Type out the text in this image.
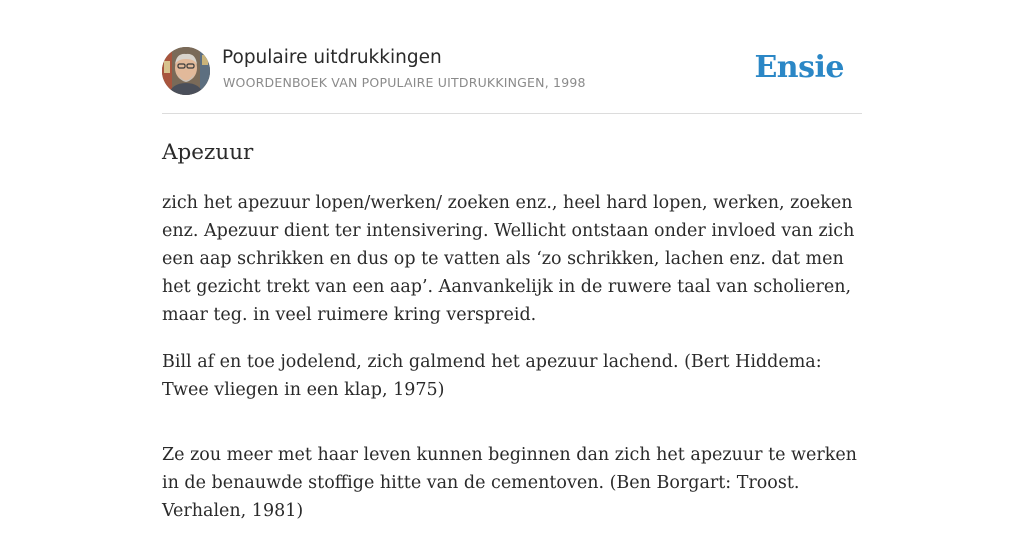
Populaire uitdrukkingen
WOORDENBOEK VAN POPULAIRE UITDRUKKINGEN, 1998	Ensie
Apezuur

zich het apezuur lopen/werken/ zoeken enz., heel hard lopen, werken, zoeken enz. Apezuur dient ter intensivering. Wellicht ontstaan onder invloed van zich een aap schrikken en dus op te vatten als ‘zo schrikken, lachen enz. dat men het gezicht trekt van een aap’. Aanvankelijk in de ruwere taal van scholieren, maar teg. in veel ruimere kring verspreid.

Bill af en toe jodelend, zich galmend het apezuur lachend. (Bert Hiddema: Twee vliegen in een klap, 1975)

Ze zou meer met haar leven kunnen beginnen dan zich het apezuur te werken in de benauwde stoffige hitte van de cementoven. (Ben Borgart: Troost. Verhalen, 1981)
